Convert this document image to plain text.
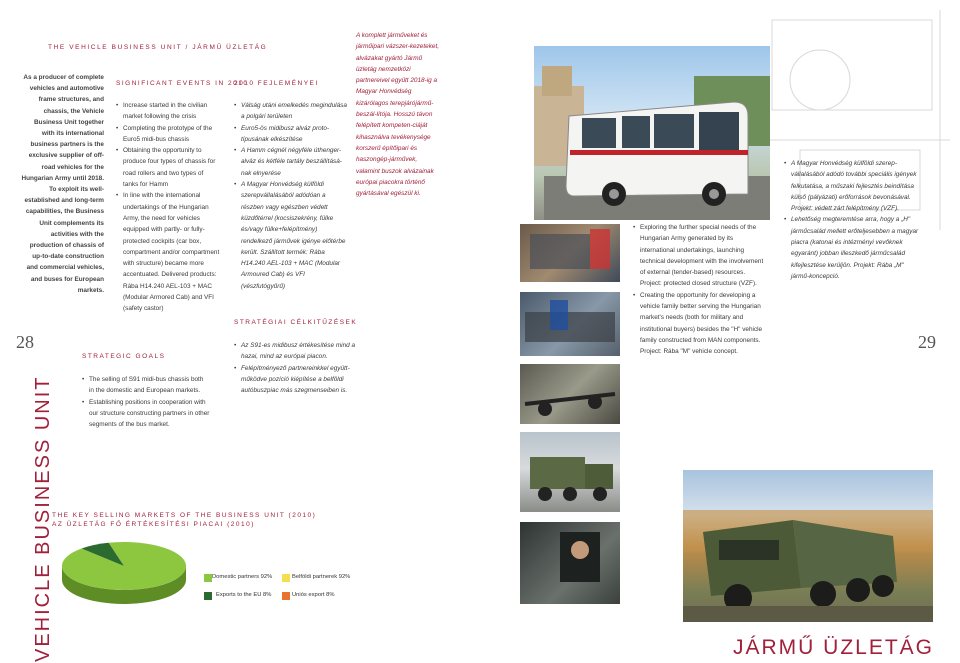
THE VEHICLE BUSINESS UNIT / JÁRMŰ ÜZLETÁG
As a producer of complete vehicles and automotive frame structures, and chassis, the Vehicle Business Unit together with its international business partners is the exclusive supplier of off-road vehicles for the Hungarian Army until 2018. To exploit its well-established and long-term capabilities, the Business Unit complements its activities with the production of chassis of up-to-date construction and commercial vehicles, and buses for European markets.
28	29
VEHICLE BUSINESS UNIT
SIGNIFICANT EVENTS IN 2010
• Increase started in the civilian market following the crisis
• Completing the prototype of the Euro5 midi-bus chassis
• Obtaining the opportunity to produce four types of chassis for road rollers and two types of tanks for Hamm
• In line with the international undertakings of the Hungarian Army, the need for vehicles equipped with partly- or fully-protected cockpits (car box, compartment and/or compartment with structure) became more accentuated. Delivered products: Rába H14.240 AEL-103 + MAC (Modular Armored Cab) and VFI (safety castor)
2010 FEJLEMÉNYEI
• Válság utáni emelkedés megindulása a polgári területen
• Euro5-ös midibusz alváz proto-típusának elkészítése
• A Hamm cégnél négyféle úthenger-alváz és kétféle tartály beszállításá-nak elnyerése
• A Magyar Honvédség külföldi szerepvállalásából adódóan a részben vagy egészben védett küzdőtérrel (kocsiszekrény, fülke és/vagy fülke+felépítmény) rendelkező járművek igénye előtérbe került. Szállított termék: Rába H14.240 AEL-103 + MAC (Modular Armoured Cab) és VFI (vészfutógyűrű)
A komplett járműveket és járműipari vázszer-kezeteket, alvázakat gyártó Jármű üzletág nemzetközi partnereivel együtt 2018-ig a Magyar Honvédség kizárólagos terepjárójármű-beszál-lítója. Hosszú távon felépített kompeten-ciáját kihasználva tevékenysége korszerű építőipari és haszongép-járművek, valamint buszok alvázainak európai piacokra történő gyártásával egészül ki.
STRATEGIC GOALS
• The selling of S91 midi-bus chassis both in the domestic and European markets.
• Establishing positions in cooperation with our structure constructing partners in other segments of the bus market.
STRATÉGIAI CÉLKITŰZÉSEK
• Az S91-es midibusz értékesítése mind a hazai, mind az európai piacon.
• Felépítményező partnereinkkel együtt-működve pozíció kiépítése a belföldi autóbuszpiac más szegmenseiben is.
• Exploring the further special needs of the Hungarian Army generated by its international undertakings, launching technical development with the involvement of external (tender-based) resources. Project: protected closed structure (VZF).
• Creating the opportunity for developing a vehicle family better serving the Hungarian market's needs (both for military and institutional buyers) besides the "H" vehicle family constructed from MAN components. Project: Rába "M" vehicle concept.
• A Magyar Honvédség külföldi szerep-vállalásából adódó további speciális igények felkutatása, a műszaki fejlesztés beindítása külső (pályázati) erőforrások bevonásával. Projekt: védett zárt felépítmény (VZF).
• Lehetőség megteremtése arra, hogy a „H" járműcsalád mellett erőteljesebben a magyar piacra (katonai és intézményi vevőknek egyaránt) jobban illeszkedő járműcsalád kifejlesztése kerüljön. Projekt: Rába „M" jármű-koncepció.
THE KEY SELLING MARKETS OF THE BUSINESS UNIT (2010)
AZ ÜZLETÁG FŐ ÉRTÉKESÍTÉSI PIACAI (2010)
Domestic partners 92%	Belföldi partnerek 92%
Exports to the EU 8%	Uniós export 8%
JÁRMŰ ÜZLETÁG
